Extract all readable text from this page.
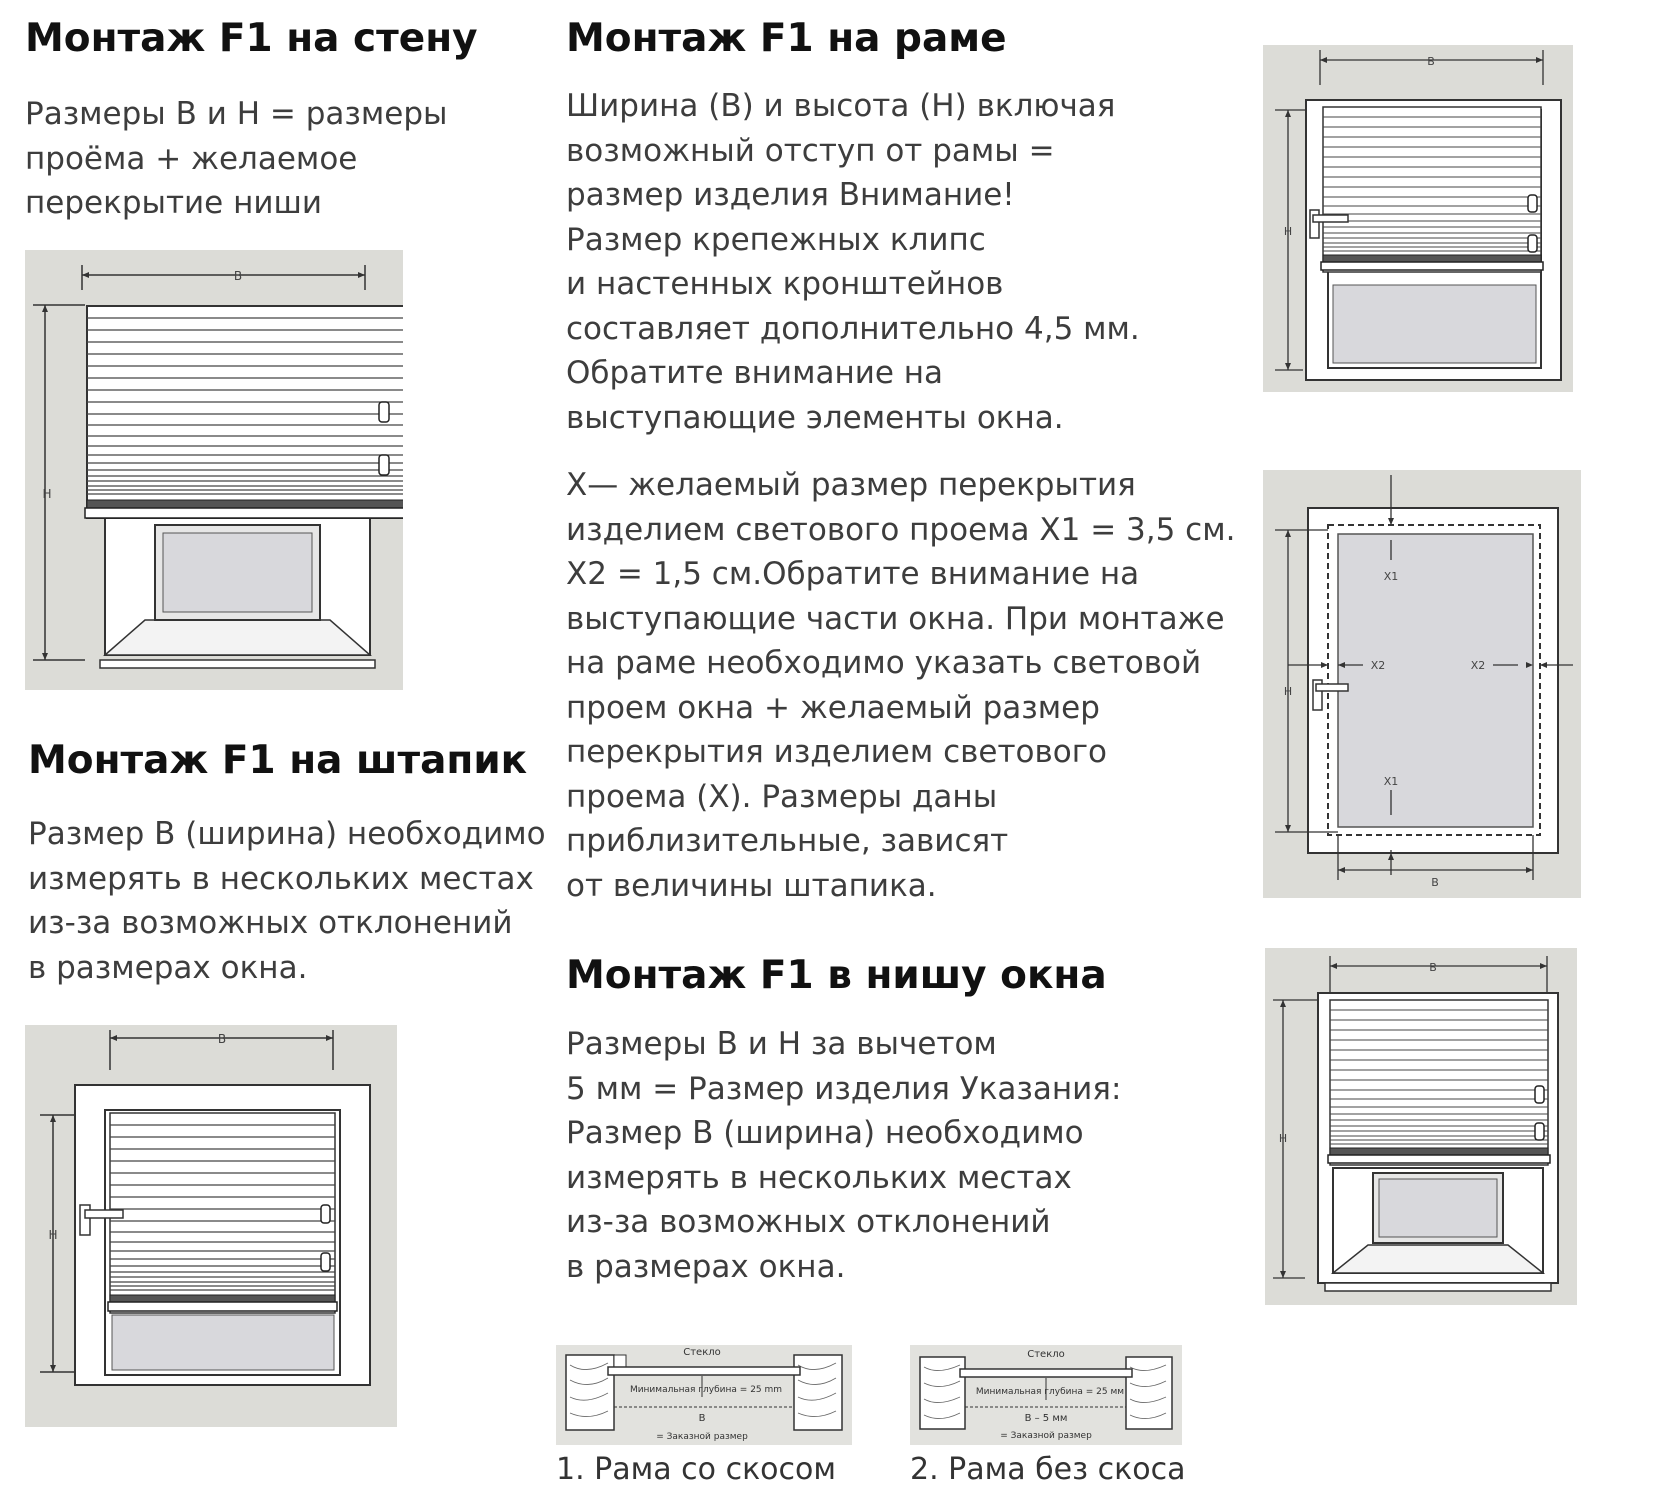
Монтаж F1 на стену

Размеры B и H = размеры
проёма + желаемое
перекрытие ниши

B
H
Монтаж F1 на штапик

Размер B (ширина) необходимо
измерять в нескольких местах
из-за возможных отклонений
в размерах окна.

B
H
Монтаж F1 на раме

Ширина (B) и высота (H) включая
возможный отступ от рамы =
размер изделия Внимание!
Размер крепежных клипс
и настенных кронштейнов
составляет дополнительно 4,5 мм.
Обратите внимание на
выступающие элементы окна.

X— желаемый размер перекрытия
изделием светового проема X1 = 3,5 см.
X2 = 1,5 см.Обратите внимание на
выступающие части окна. При монтаже
на раме необходимо указать световой
проем окна + желаемый размер
перекрытия изделием светового
проема (X). Размеры даны
приблизительные, зависят
от величины штапика.

Монтаж F1 в нишу окна

Размеры B и H за вычетом
5 мм = Размер изделия Указания:
Размер B (ширина) необходимо
измерять в нескольких местах
из-за возможных отклонений
в размерах окна.

Стекло
Минимальная глубина = 25 mm
B
= Заказной размер
1. Рама со скосом
Стекло
Минимальная глубина = 25 мм
B – 5 мм
= Заказной размер
2. Рама без скоса
B
H
X1
X1
X2	X2
H
B
B
H
